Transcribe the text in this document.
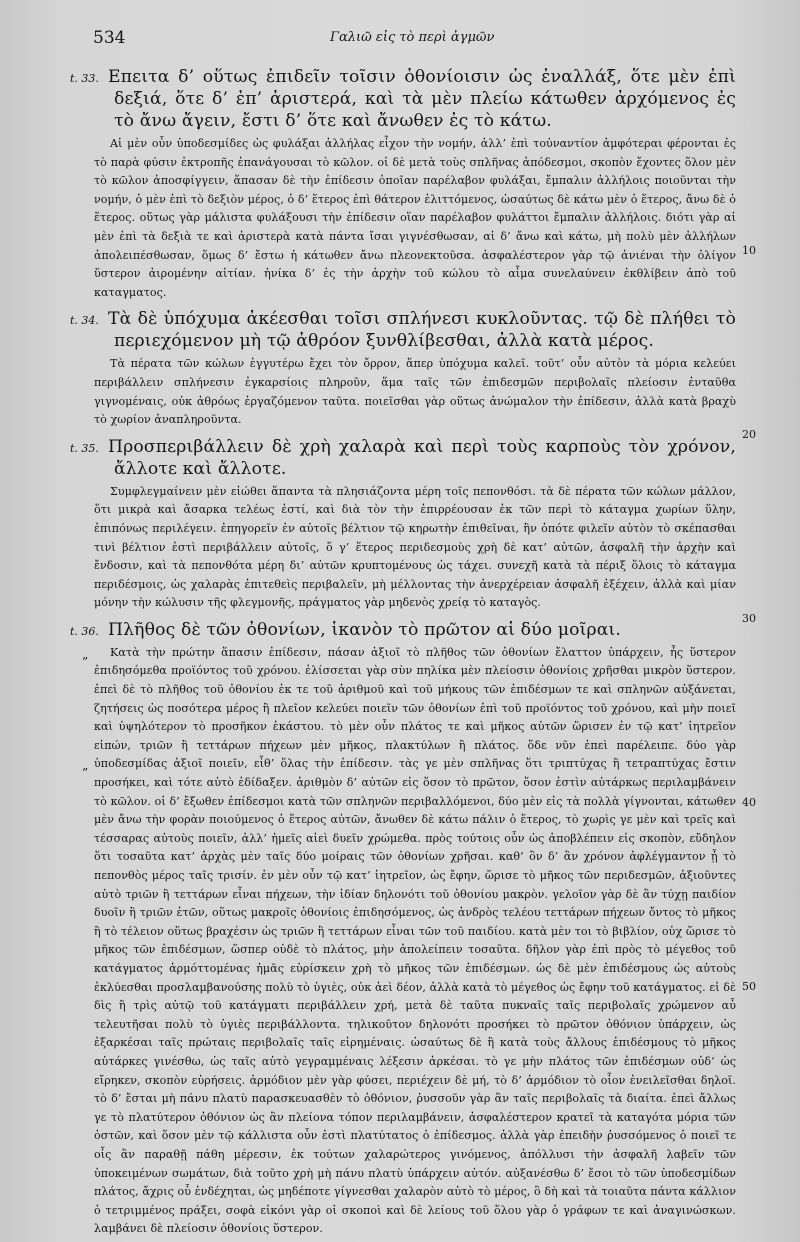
534	Γαλιῶ εἰς τὸ περὶ ἀγμῶν
t. 33. Επειτα δ’ οὕτως ἐπιδεῖν τοῖσιν ὀθονίοισιν ὡς ἐναλλάξ, ὅτε μὲν ἐπὶ δεξιά, ὅτε δ’ ἐπ’ ἀριστερά, καὶ τὰ μὲν πλείω κάτωθεν ἀρχόμενος ἐς τὸ ἄνω ἄγειν, ἔστι δ’ ὅτε καὶ ἄνωθεν ἐς τὸ κάτω.

Αἱ μὲν οὖν ὑποδεσμίδες ὡς φυλάξαι ἀλλήλας εἶχον τὴν νομήν, ἀλλ’ ἐπὶ τοὐναντίον ἀμφότεραι φέρονται ἐς τὸ παρὰ φύσιν ἐκτροπῆς ἐπανάγουσαι τὸ κῶλον. οἱ δὲ μετὰ τοὺς σπλῆνας ἀπόδεσμοι, σκοπὸν ἔχοντες ὅλον μὲν τὸ κῶλον ἀποσφίγγειν, ἅπασαν δὲ τὴν ἐπίδεσιν ὁποῖαν παρέλαβον φυλάξαι, ἔμπαλιν ἀλλήλοις ποιοῦνται τὴν νομήν, ὁ μὲν ἐπὶ τὸ δεξιὸν μέρος, ὁ δ’ ἕτερος ἐπὶ θάτερον ἐλιττόμενος, ὡσαύτως δὲ κάτω μὲν ὁ ἕτερος, ἄνω δὲ ὁ ἕτερος. οὕτως γὰρ μάλιστα φυλάξουσι τὴν ἐπίδεσιν οἵαν παρέλαβον φυλάττοι ἔμπαλιν ἀλλήλοις. διότι γὰρ αἱ μὲν ἐπὶ τὰ δεξιὰ τε καὶ ἀριστερὰ κατὰ πάντα ἴσαι γιγνέσθωσαν, αἱ δ’ ἄνω καὶ κάτω, μὴ πολὺ μὲν ἀλλήλων ἀπολειπέσθωσαν, ὅμως δ’ ἔστω ἡ κάτωθεν ἄνω πλεονεκτοῦσα. ἀσφαλέστερον γὰρ τῷ ἀνιέναι τὴν ὀλίγον ὕστερον ἀιρομένην αἰτίαν. ἡνίκα δ’ ἐς τὴν ἀρχὴν τοῦ κώλου τὸ αἷμα συνελαύνειν ἐκθλίβειν ἀπὸ τοῦ καταγματος.

t. 34. Τὰ δὲ ὑπόχυμα ἀκέεσθαι τοῖσι σπλήνεσι κυκλοῦντας. τῷ δὲ πλήθει τὸ περιεχόμενον μὴ τῷ ἀθρόον ξυνθλίβεσθαι, ἀλλὰ κατὰ μέρος.

Τὰ πέρατα τῶν κώλων ἐγγυτέρω ἔχει τὸν ὄρρον, ἅπερ ὑπόχυμα καλεῖ. τοῦτ’ οὖν αὐτὸν τὰ μόρια κελεύει περιβάλλειν σπλήνεσιν ἐγκαρσίοις πληροῦν, ἅμα ταῖς τῶν ἐπιδεσμῶν περιβολαῖς πλείοσιν ἐνταῦθα γιγνομέναις, οὐκ ἀθρόως ἐργαζόμενον ταῦτα. ποιεῖσθαι γὰρ οὕτως ἀνώμαλον τὴν ἐπίδεσιν, ἀλλὰ κατὰ βραχὺ τὸ χωρίον ἀναπληροῦντα.

t. 35. Προσπεριβάλλειν δὲ χρὴ χαλαρὰ καὶ περὶ τοὺς καρποὺς τὸν χρόνον, ἄλλοτε καὶ ἄλλοτε.

Συμφλεγμαίνειν μὲν εἰώθει ἅπαντα τὰ πλησιάζοντα μέρη τοῖς πεπονθόσι. τὰ δὲ πέρατα τῶν κώλων μάλλον, ὅτι μικρὰ καὶ ἄσαρκα τελέως ἐστί, καὶ διὰ τὸν τὴν ἐπιρρέουσαν ἐκ τῶν περὶ τὸ κάταγμα χωρίων ὕλην, ἐπιπόνως περιλέγειν. ἐπηγορεῖν ἐν αὐτοῖς βέλτιον τῷ κηρωτὴν ἐπιθεῖναι, ἢν ὁπότε φιλεῖν αὐτὸν τὸ σκέπασθαι τινὶ βέλτιον ἐστὶ περιβάλλειν αὐτοῖς, ὅ γ’ ἕτερος περιδεσμοὺς χρὴ δὲ κατ’ αὐτῶν, ἀσφαλῆ τὴν ἀρχὴν καὶ ἔνδοσιν, καὶ τὰ πεπονθότα μέρη δι’ αὐτῶν κρυπτομένους ὡς τάχει. συνεχῆ κατὰ τὰ πέριξ ὅλοις τὸ κάταγμα περιδέσμοις, ὡς χαλαρὰς ἐπιτεθεὶς περιβαλεῖν, μὴ μέλλοντας τὴν ἀνερχέρειαν ἀσφαλῆ ἐξέχειν, ἀλλὰ καὶ μίαν μόνην τὴν κώλυσιν τῆς φλεγμονῆς, πράγματος γὰρ μηδενὸς χρείᾳ τὸ καταγὸς.

t. 36. Πλῆθος δὲ τῶν ὀθονίων, ἱκανὸν τὸ πρῶτον αἱ δύο μοῖραι.

Κατὰ τὴν πρώτην ἅπασιν ἐπίδεσιν, πάσαν ἀξιοῖ τὸ πλῆθος τῶν ὀθονίων ἔλαττον ὑπάρχειν, ἧς ὕστερον ἐπιδησόμεθα προϊόντος τοῦ χρόνου. ἐλίσσεται γὰρ σὺν πηλίκα μὲν πλείοσιν ὀθονίοις χρῆσθαι μικρὸν ὕστερον. ἐπεὶ δὲ τὸ πλῆθος τοῦ ὀθονίου ἐκ τε τοῦ ἀριθμοῦ καὶ τοῦ μήκους τῶν ἐπιδέσμων τε καὶ σπληνῶν αὐξάνεται, ζητήσεις ὡς ποσότερα μέρος ἢ πλεῖον κελεύει ποιεῖν τῶν ὀθονίων ἐπὶ τοῦ προϊόντος τοῦ χρόνου, καὶ μὴν ποιεῖ καὶ ὑψηλότερον τὸ προσῆκον ἑκάστου. τὸ μὲν οὖν πλάτος τε καὶ μῆκος αὐτῶν ὥρισεν ἐν τῷ κατ’ ἰητρεῖον εἰπών, τριῶν ἢ τεττάρων πήχεων μὲν μῆκος, πλακτύλων ἢ πλάτος. ὅδε νῦν ἐπεὶ παρέλειπε. δύο γὰρ ὑποδεσμίδας ἀξιοῖ ποιεῖν, εἶθ’ ὅλας τὴν ἐπίδεσιν. τὰς γε μὲν σπλῆνας ὅτι τριπτύχας ἢ τετραπτύχας ἔστιν προσήκει, καὶ τότε αὐτὸ ἐδίδαξεν. ἀριθμὸν δ’ αὐτῶν εἰς ὅσον τὸ πρῶτον, ὅσον ἐστὶν αὐτάρκως περιλαμβάνειν τὸ κῶλον. οἱ δ’ ἔξωθεν ἐπίδεσμοι κατὰ τῶν σπληνῶν περιβαλλόμενοι, δύο μὲν εἰς τὰ πολλὰ γίγνονται, κάτωθεν μὲν ἄνω τὴν φορὰν ποιούμενος ὁ ἕτερος αὐτῶν, ἄνωθεν δὲ κάτω πάλιν ὁ ἕτερος, τὸ χωρὶς γε μὲν καὶ τρεῖς καὶ τέσσαρας αὐτοὺς ποιεῖν, ἀλλ’ ἡμεῖς αἰεὶ δυεῖν χρώμεθα. πρὸς τούτοις οὖν ὡς ἀποβλέπειν εἰς σκοπὸν, εὔδηλον ὅτι τοσαῦτα κατ’ ἀρχὰς μὲν ταῖς δύο μοίραις τῶν ὀθονίων χρῆσαι. καθ’ ὃν δ’ ἂν χρόνον ἀφλέγμαντον ᾖ τὸ πεπονθὸς μέρος ταῖς τρισίν. ἐν μὲν οὖν τῷ κατ’ ἰητρεῖον, ὡς ἔφην, ὥρισε τὸ μῆκος τῶν περιδεσμῶν, ἀξιοῦντες αὐτὸ τριῶν ἢ τεττάρων εἶναι πήχεων, τὴν ἰδίαν δηλονότι τοῦ ὀθονίου μακρὸν. γελοῖον γὰρ δὲ ἂν τύχῃ παιδίον δυοῖν ἢ τριῶν ἐτῶν, οὕτως μακροῖς ὀθονίοις ἐπιδησόμενος, ὡς ἀνδρὸς τελέου τεττάρων πήχεων ὄντος τὸ μῆκος ἢ τὸ τέλειον οὕτως βραχέσιν ὡς τριῶν ἢ τεττάρων εἶναι τῶν τοῦ παιδίου. κατὰ μὲν τοι τὸ βιβλίον, οὐχ ὥρισε τὸ μῆκος τῶν ἐπιδέσμων, ὥσπερ οὐδὲ τὸ πλάτος, μὴν ἀπολείπειν τοσαῦτα. δῆλον γὰρ ἐπὶ πρὸς τὸ μέγεθος τοῦ κατάγματος ἁρμόττομένας ἡμᾶς εὑρίσκειν χρὴ τὸ μῆκος τῶν ἐπιδέσμων. ὡς δὲ μὲν ἐπιδέσμους ὡς αὐτοὺς ἐκλύεσθαι προσλαμβανούσης πολὺ τὸ ὑγιὲς, οὐκ ἀεὶ δέον, ἀλλὰ κατὰ τὸ μέγεθος ὡς ἔφην τοῦ κατάγματος. εἰ δὲ δὶς ἢ τρὶς αὐτῷ τοῦ κατάγματι περιβάλλειν χρή, μετὰ δὲ ταῦτα πυκναῖς ταῖς περιβολαῖς χρώμενον αὖ τελευτῆσαι πολὺ τὸ ὑγιὲς περιβάλλοντα. τηλικοῦτον δηλονότι προσήκει τὸ πρῶτον ὀθόνιον ὑπάρχειν, ὡς ἐξαρκέσαι ταῖς πρώταις περιβολαῖς ταῖς εἰρημέναις. ὡσαύτως δὲ ἢ κατὰ τοὺς ἄλλους ἐπιδέσμους τὸ μῆκος αὐτάρκες γινέσθω, ὡς ταῖς αὐτὸ γεγραμμέναις λέξεσιν ἀρκέσαι. τὸ γε μὴν πλάτος τῶν ἐπιδέσμων οὐδ’ ὡς εἴρηκεν, σκοπὸν εὑρήσεις. ἁρμόδιον μὲν γὰρ φύσει, περιέχειν δὲ μή, τὸ δ’ ἁρμόδιον τὸ οἷον ἐνειλεῖσθαι δηλοῖ. τὸ δ’ ἔσται μὴ πάνυ πλατὺ παρασκευασθὲν τὸ ὀθόνιον, ῥυσσοῦν γὰρ ἂν ταῖς περιβολαῖς τὰ διαίτα. ἐπεὶ ἄλλως γε τὸ πλατύτερον ὀθόνιον ὡς ἂν πλείονα τόπον περιλαμβάνειν, ἀσφαλέστερον κρατεῖ τὰ καταγότα μόρια τῶν ὀστῶν, καὶ ὅσον μὲν τῷ κάλλιστα οὖν ἐστὶ πλατύτατος ὁ ἐπίδεσμος. ἀλλὰ γὰρ ἐπειδὴν ῥυσσόμενος ὁ ποιεῖ τε οἷς ἂν παραθῇ πάθη μέρεσιν, ἐκ τούτων χαλαρώτερος γινόμενος, ἀπόλλυσι τὴν ἀσφαλῆ λαβεῖν τῶν ὑποκειμένων σωμάτων, διὰ τοῦτο χρὴ μὴ πάνυ πλατὺ ὑπάρχειν αὐτόν. αὐξανέσθω δ’ ἔσοι τὸ τῶν ὑποδεσμίδων πλάτος, ἄχρις οὗ ἐνδέχηται, ὡς μηδέποτε γίγνεσθαι χαλαρὸν αὐτὸ τὸ μέρος, ὃ δὴ καὶ τὰ τοιαῦτα πάντα κάλλιον ὁ τετριμμένος πράξει, σοφὰ εἰκόνι γὰρ οἱ σκοποὶ καὶ δὲ λείους τοῦ ὅλου γὰρ ὁ γράφων τε καὶ ἀναγινώσκων. λαμβάνει δὲ πλείοσιν ὀθονίοις ὕστερον.

10
20
30
40
50
”
”
